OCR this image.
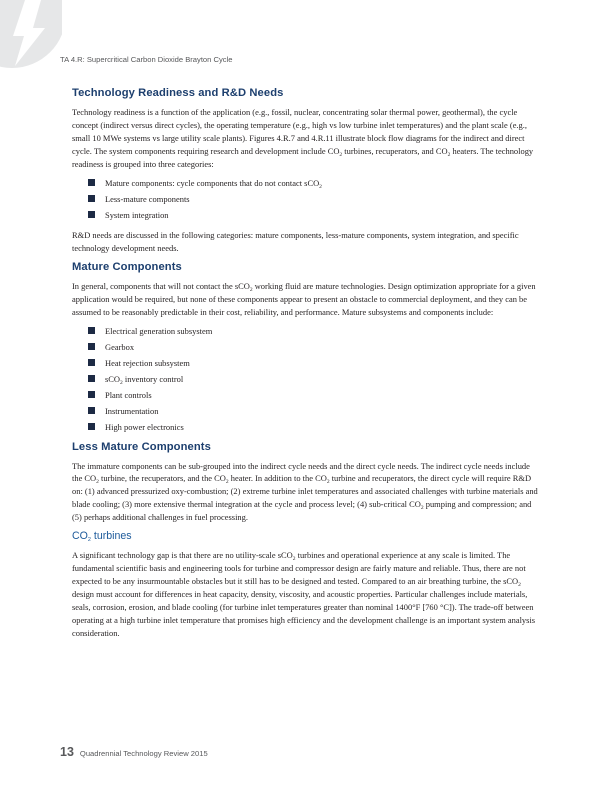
TA 4.R: Supercritical Carbon Dioxide Brayton Cycle
Technology Readiness and R&D Needs

Technology readiness is a function of the application (e.g., fossil, nuclear, concentrating solar thermal power, geothermal), the cycle concept (indirect versus direct cycles), the operating temperature (e.g., high vs low turbine inlet temperatures) and the plant scale (e.g., small 10 MWe systems vs large utility scale plants). Figures 4.R.7 and 4.R.11 illustrate block flow diagrams for the indirect and direct cycle. The system components requiring research and development include $CO_2$ turbines, recuperators, and $CO_2$ heaters. The technology readiness is grouped into three categories:

Mature components: cycle components that do not contact sCO$_2$
Less-mature components
System integration

R&D needs are discussed in the following categories: mature components, less-mature components, system integration, and specific technology development needs.

Mature Components

In general, components that will not contact the sCO$_2$ working fluid are mature technologies. Design optimization appropriate for a given application would be required, but none of these components appear to present an obstacle to commercial deployment, and they can be assumed to be reasonably predictable in their cost, reliability, and performance. Mature subsystems and components include:

Electrical generation subsystem
Gearbox
Heat rejection subsystem
sCO$_2$ inventory control
Plant controls
Instrumentation
High power electronics
Less Mature Components

The immature components can be sub-grouped into the indirect cycle needs and the direct cycle needs. The indirect cycle needs include the $CO_2$ turbine, the recuperators, and the $CO_2$ heater. In addition to the $CO_2$ turbine and recuperators, the direct cycle will require R&D on: (1) advanced pressurized oxy-combustion; (2) extreme turbine inlet temperatures and associated challenges with turbine materials and blade cooling; (3) more extensive thermal integration at the cycle and process level; (4) sub-critical $CO_2$ pumping and compression; and (5) perhaps additional challenges in fuel processing.

$CO_2$ turbines

A significant technology gap is that there are no utility-scale sCO$_2$ turbines and operational experience at any scale is limited. The fundamental scientific basis and engineering tools for turbine and compressor design are fairly mature and reliable. Thus, there are not expected to be any insurmountable obstacles but it still has to be designed and tested. Compared to an air breathing turbine, the sCO$_2$ design must account for differences in heat capacity, density, viscosity, and acoustic properties. Particular challenges include materials, seals, corrosion, erosion, and blade cooling (for turbine inlet temperatures greater than nominal 1400°F [760 °C]). The trade-off between operating at a high turbine inlet temperature that promises high efficiency and the development challenge is an important system analysis consideration.

13 Quadrennial Technology Review 2015
